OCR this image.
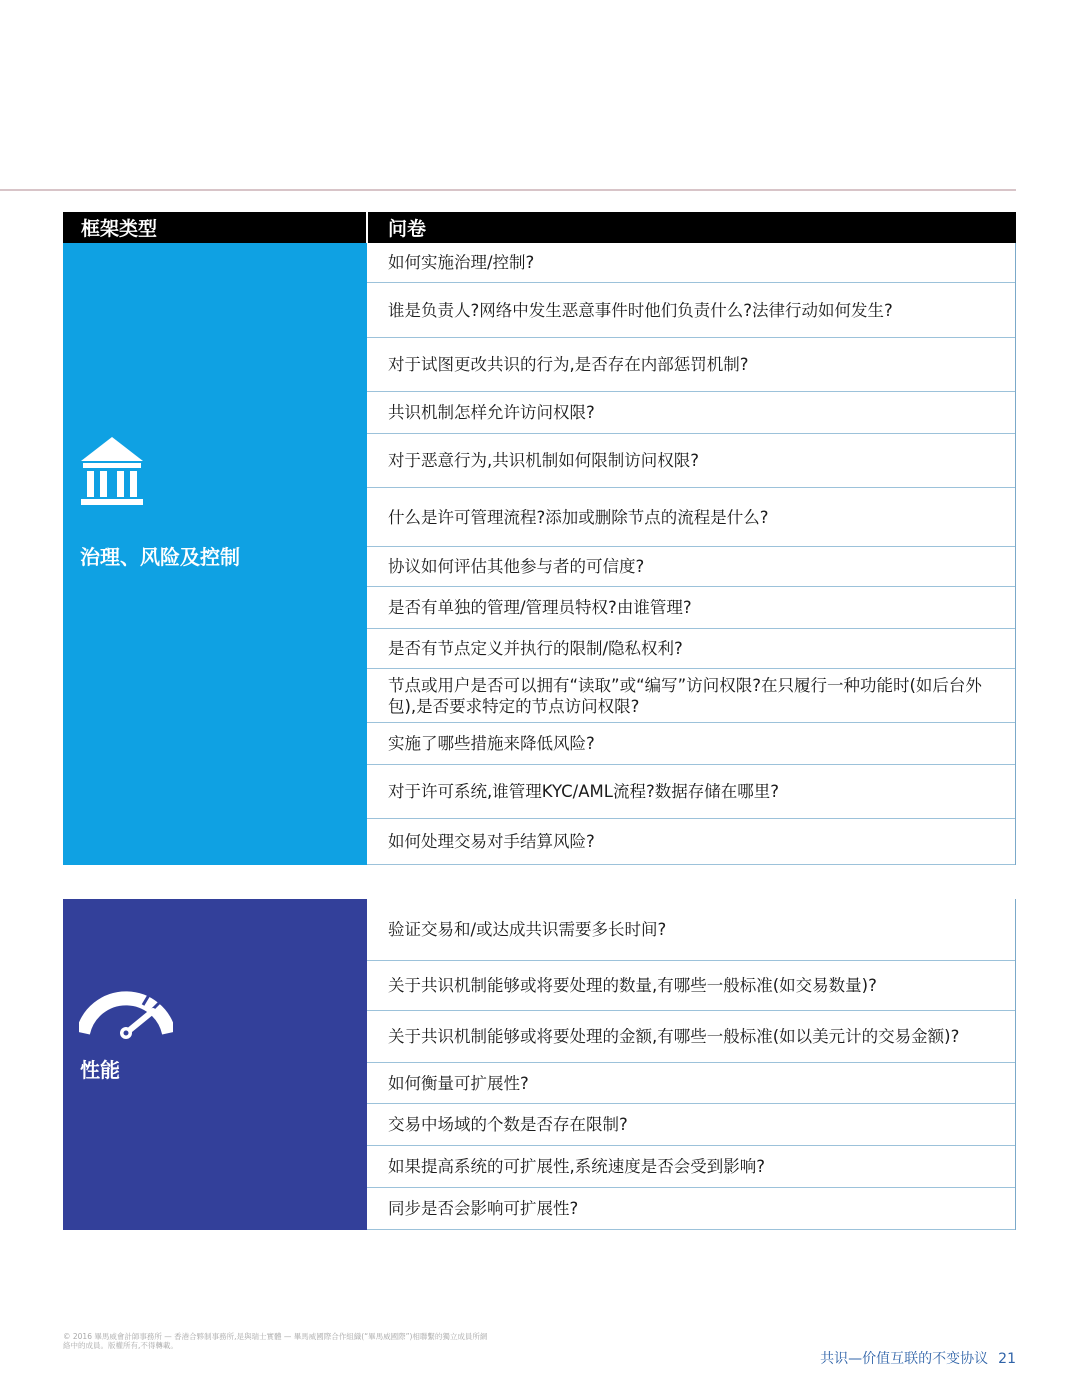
框架类型	问卷
治理、风险及控制
如何实施治理/控制?
谁是负责人?网络中发生恶意事件时他们负责什么?法律行动如何发生?
对于试图更改共识的行为,是否存在内部惩罚机制?
共识机制怎样允许访问权限?
对于恶意行为,共识机制如何限制访问权限?
什么是许可管理流程?添加或删除节点的流程是什么?
协议如何评估其他参与者的可信度?
是否有单独的管理/管理员特权?由谁管理?
是否有节点定义并执行的限制/隐私权利?
节点或用户是否可以拥有“读取”或“编写”访问权限?在只履行一种功能时(如后台外包),是否要求特定的节点访问权限?
实施了哪些措施来降低风险?
对于许可系统,谁管理KYC/AML流程?数据存储在哪里?
如何处理交易对手结算风险?
性能
验证交易和/或达成共识需要多长时间?
关于共识机制能够或将要处理的数量,有哪些一般标准(如交易数量)?
关于共识机制能够或将要处理的金额,有哪些一般标准(如以美元计的交易金额)?
如何衡量可扩展性?
交易中场域的个数是否存在限制?
如果提高系统的可扩展性,系统速度是否会受到影响?
同步是否会影响可扩展性?
© 2016 畢馬威會計師事務所 — 香港合夥制事務所,是與瑞士實體 — 畢馬威國際合作組織(“畢馬威國際”)相聯繫的獨立成員所網絡中的成員。版權所有,不得轉載。
共识—价值互联的不变协议 21
